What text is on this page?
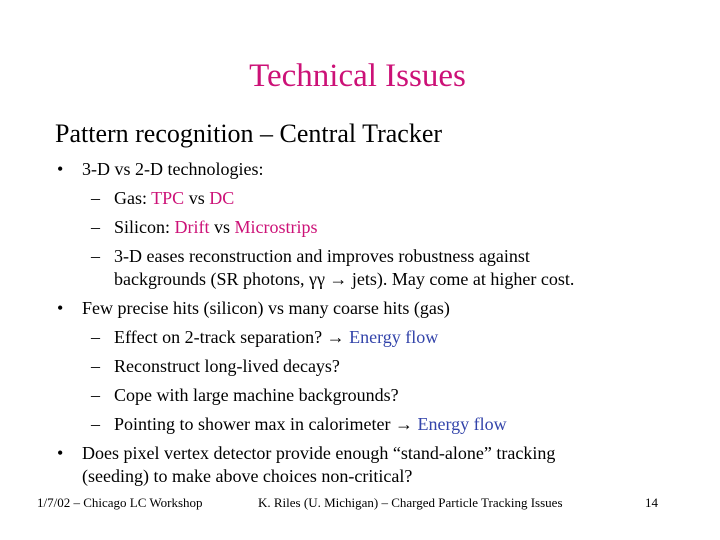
Technical Issues
Pattern recognition – Central Tracker
• 3-D vs 2-D technologies:
– Gas: TPC vs DC
– Silicon: Drift vs Microstrips
– 3-D eases reconstruction and improves robustness against
backgrounds (SR photons, γγ → jets). May come at higher cost.
• Few precise hits (silicon) vs many coarse hits (gas)
– Effect on 2-track separation? → Energy flow
– Reconstruct long-lived decays?
– Cope with large machine backgrounds?
– Pointing to shower max in calorimeter → Energy flow
• Does pixel vertex detector provide enough “stand-alone” tracking
(seeding) to make above choices non-critical?
1/7/02 – Chicago LC Workshop	K. Riles (U. Michigan) – Charged Particle Tracking Issues	14
